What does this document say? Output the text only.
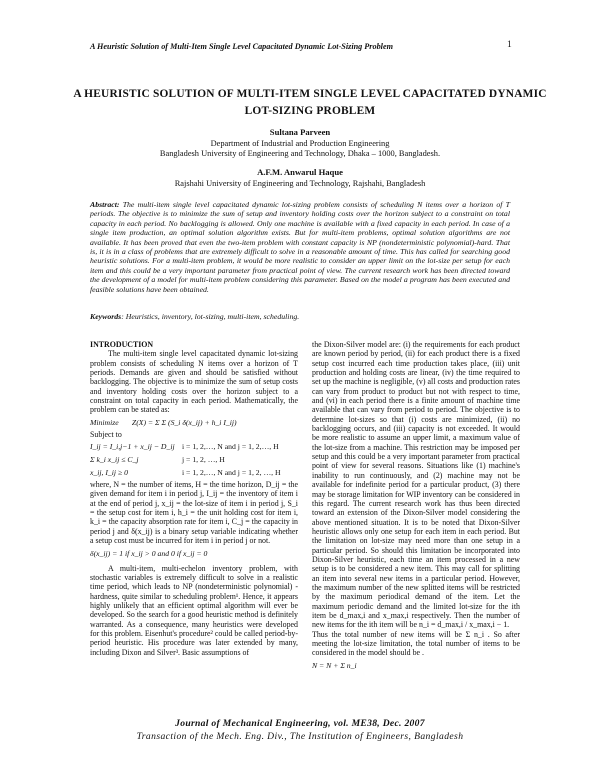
A Heuristic Solution of Multi-Item Single Level Capacitated Dynamic Lot-Sizing Problem	1
A HEURISTIC SOLUTION OF MULTI-ITEM SINGLE LEVEL CAPACITATED DYNAMIC LOT-SIZING PROBLEM
Sultana Parveen
Department of Industrial and Production Engineering
Bangladesh University of Engineering and Technology, Dhaka – 1000, Bangladesh.
A.F.M. Anwarul Haque
Rajshahi University of Engineering and Technology, Rajshahi, Bangladesh
Abstract: The multi-item single level capacitated dynamic lot-sizing problem consists of scheduling N items over a horizon of T periods. The objective is to minimize the sum of setup and inventory holding costs over the horizon subject to a constraint on total capacity in each period. No backlogging is allowed. Only one machine is available with a fixed capacity in each period. In case of a single item production, an optimal solution algorithm exists. But for multi-item problems, optimal solution algorithms are not available. It has been proved that even the two-item problem with constant capacity is NP (nondeterministic polynomial)-hard. That is, it is in a class of problems that are extremely difficult to solve in a reasonable amount of time. This has called for searching good heuristic solutions. For a multi-item problem, it would be more realistic to consider an upper limit on the lot-size per setup for each item and this could be a very important parameter from practical point of view. The current research work has been directed toward the development of a model for multi-item problem considering this parameter. Based on the model a program has been executed and feasible solutions have been obtained.
Keywords: Heuristics, inventory, lot-sizing, multi-item, scheduling.

INTRODUCTION

The multi-item single level capacitated dynamic lot-sizing problem consists of scheduling N items over a horizon of T periods. Demands are given and should be satisfied without backlogging. The objective is to minimize the sum of setup costs and inventory holding costs over the horizon subject to a constraint on total capacity in each period. Mathematically, the problem can be stated as:

Minimize Z(X) = Σ Σ (S_i δ(x_ij) + h_i I_ij)

Subject to

I_ij = I_i,j−1 + x_ij − D_ij i = 1, 2,…, N and j = 1, 2,…, H
Σ k_i x_ij ≤ C_j	j = 1, 2, …, H
x_ij, I_ij ≥ 0	i = 1, 2,…, N and j = 1, 2, …, H

where, N = the number of items, H = the time horizon, D_ij = the given demand for item i in period j, I_ij = the inventory of item i at the end of period j, x_ij = the lot-size of item i in period j, S_i = the setup cost for item i, h_i = the unit holding cost for item i, k_i = the capacity absorption rate for item i, C_j = the capacity in period j and δ(x_ij) is a binary setup variable indicating whether a setup cost must be incurred for item i in period j or not.

δ(x_ij) = 1 if x_ij > 0 and 0 if x_ij = 0

A multi-item, multi-echelon inventory problem, with stochastic variables is extremely difficult to solve in a realistic time period, which leads to NP (nondeterministic polynomial) -hardness, quite similar to scheduling problem¹. Hence, it appears highly unlikely that an efficient optimal algorithm will ever be developed. So the search for a good heuristic method is definitely warranted. As a consequence, many heuristics were developed for this problem. Eisenhut's procedure² could be called period-by-period heuristic. His procedure was later extended by many, including Dixon and Silver³. Basic assumptions of

the Dixon-Silver model are: (i) the requirements for each product are known period by period, (ii) for each product there is a fixed setup cost incurred each time production takes place, (iii) unit production and holding costs are linear, (iv) the time required to set up the machine is negligible, (v) all costs and production rates can vary from product to product but not with respect to time, and (vi) in each period there is a finite amount of machine time available that can vary from period to period. The objective is to determine lot-sizes so that (i) costs are minimized, (ii) no backlogging occurs, and (iii) capacity is not exceeded. It would be more realistic to assume an upper limit, a maximum value of the lot-size from a machine. This restriction may be imposed per setup and this could be a very important parameter from practical point of view for several reasons. Situations like (1) machine's inability to run continuously, and (2) machine may not be available for indefinite period for a particular product, (3) there may be storage limitation for WIP inventory can be considered in this regard. The current research work has thus been directed toward an extension of the Dixon-Silver model considering the above mentioned situation. It is to be noted that Dixon-Silver heuristic allows only one setup for each item in each period. But the limitation on lot-size may need more than one setup in a particular period. So should this limitation be incorporated into Dixon-Silver heuristic, each time an item processed in a new setup is to be considered a new item. This may call for splitting an item into several new items in a particular period. However, the maximum number of the new splitted items will be restricted by the maximum periodical demand of the item. Let the maximum periodic demand and the limited lot-size for the ith item be d_max,i and x_max,i respectively. Then the number of new items for the ith item will be n_i = d_max,i / x_max,i − 1.

Thus the total number of new items will be Σ n_i . So after meeting the lot-size limitation, the total number of items to be considered in the model should be .

N = N + Σ n_i
Journal of Mechanical Engineering, vol. ME38, Dec. 2007
Transaction of the Mech. Eng. Div., The Institution of Engineers, Bangladesh
